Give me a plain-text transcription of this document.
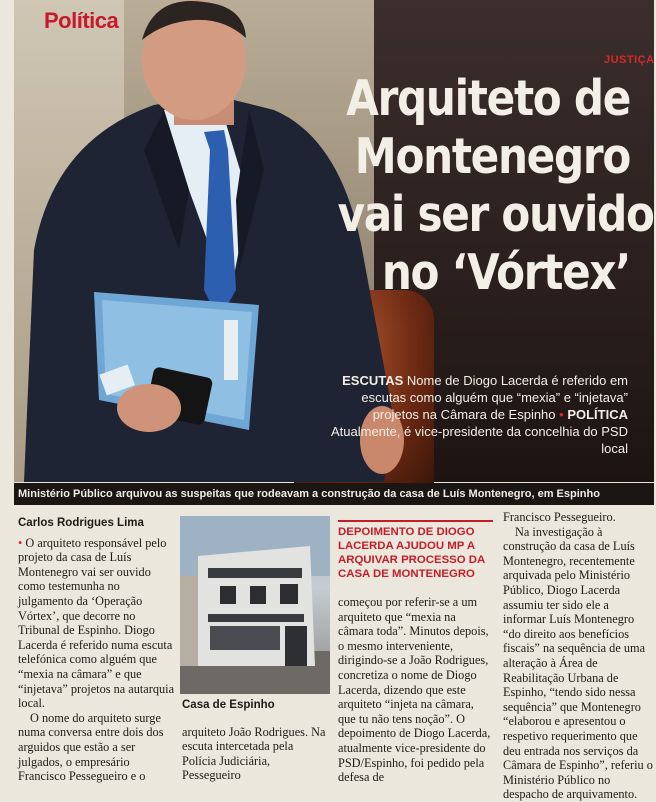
Política
JUSTIÇA
Arquiteto de
Montenegro
vai ser ouvido
no ‘Vórtex’
ESCUTAS Nome de Diogo Lacerda é referido em escutas como alguém que “mexia” e “injetava” projetos na Câmara de Espinho • POLÍTICA Atualmente, é vice-presidente da concelhia do PSD local
Ministério Público arquivou as suspeitas que rodeavam a construção da casa de Luís Montenegro, em Espinho
Carlos Rodrigues Lima

• O arquiteto responsável pelo projeto da casa de Luís Montenegro vai ser ouvido como testemunha no julgamento da ‘Operação Vórtex’, que decorre no Tribunal de Espinho. Diogo Lacerda é referido numa escuta telefónica como alguém que “mexia na câmara” e que “injetava” projetos na autarquia local.

O nome do arquiteto surge numa conversa entre dois dos arguidos que estão a ser julgados, o empresário Francisco Pessegueiro e o

Casa de Espinho

arquiteto João Rodrigues. Na escuta intercetada pela Polícia Judiciária, Pessegueiro

DEPOIMENTO DE DIOGO LACERDA AJUDOU MP A ARQUIVAR PROCESSO DA CASA DE MONTENEGRO

começou por referir-se a um arquiteto que “mexia na câmara toda”. Minutos depois, o mesmo interveniente, dirigindo-se a João Rodrigues, concretiza o nome de Diogo Lacerda, dizendo que este arquiteto “injeta na câmara, que tu não tens noção”. O depoimento de Diogo Lacerda, atualmente vice-presidente do PSD/Espinho, foi pedido pela defesa de

Francisco Pessegueiro.

Na investigação à construção da casa de Luís Montenegro, recentemente arquivada pelo Ministério Público, Diogo Lacerda assumiu ter sido ele a informar Luís Montenegro “do direito aos benefícios fiscais” na sequência de uma alteração à Área de Reabilitação Urbana de Espinho, “tendo sido nessa sequência” que Montenegro “elaborou e apresentou o respetivo requerimento que deu entrada nos serviços da Câmara de Espinho”, referiu o Ministério Público no despacho de arquivamento.
